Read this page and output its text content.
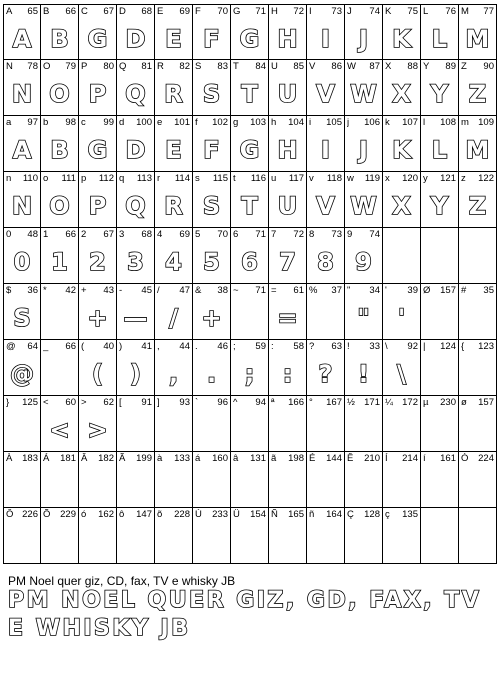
A 65
A
B 66
B
C 67
G
D 68
D
E 69
E
F 70
F
G 71
G
H 72
H
I 73
I
J 74
J
K 75
K
L 76
L
M 77
M
N 78
N
O 79
O
P 80
P
Q 81
Q
R 82
R
S 83
S
T 84
T
U 85
U
V 86
V
W 87
W
X 88
X
Y 89
Y
Z 90
Z
a 97
A
b 98
B
c 99
G
d 100
D
e 101
E
f 102
F
g 103
G
h 104
H
i 105
I
j 106
J
k 107
K
l 108
L
m 109
M
n 110
N
o 111
O
p 112
P
q 113
Q
r 114
R
s 115
S
t 116
T
u 117
U
v 118
V
w 119
W
x 120
X
y 121
Y
z 122
Z
0 48
0
1 66
1
2 67
2
3 68
3
4 69
4
5 70
5
6 71
6
7 72
7
8 73
8
9 74
9
$ 36
S
* 42 + 43
+
- 45
—
/ 47
/
& 38
+
~ 71 = 61
=
% 37 " 34
"
' 39
'
Ø 157 # 35
@ 64
@
_ 66 ( 40
(
) 41
)
, 44
,
. 46
.
; 59
;
: 58
:
? 63
?
! 33
!
\ 92
\
| 124 { 123
} 125 < 60
<
> 62
>
[ 91 ] 93 ` 96 ^ 94 ª 166 ° 167 ½ 171 ¼ 172 µ 230 ø 157
À 183 Á 181 Â 182 Ã 199 à 133 á 160 â 131 ã 198 É 144 Ê 210 Í 214 í 161 Ó 224
Ô 226 Õ 229 ó 162 ô 147 õ 228 Ú 233 Ü 154 Ñ 165 ñ 164 Ç 128 ç 135
PM Noel quer giz, CD, fax, TV e whisky JB
PM NOEL QUER GIZ, GD, FAX, TV
E WHISKY JB
